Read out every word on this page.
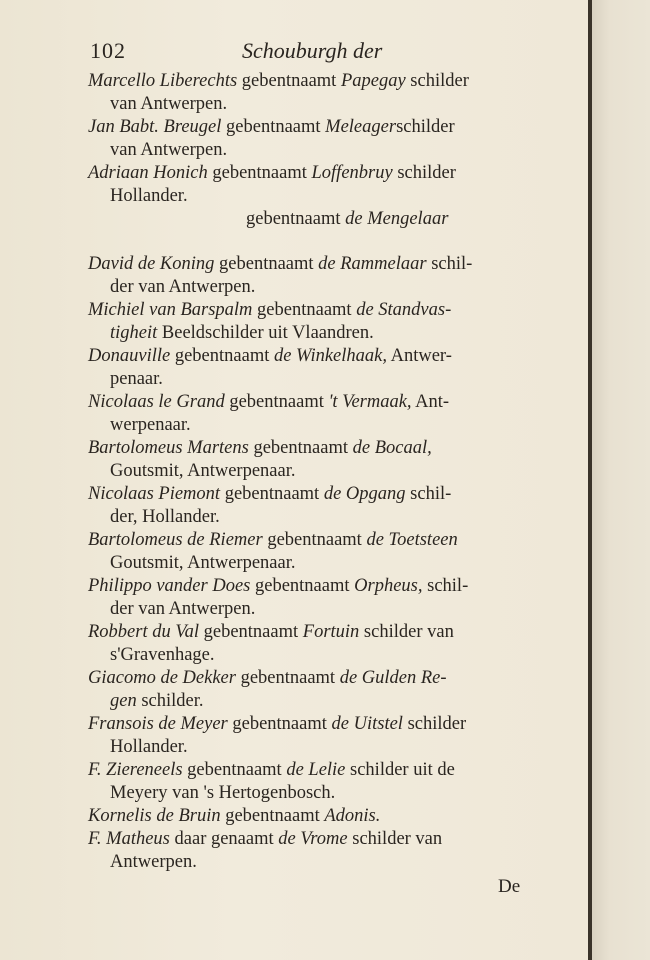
102	Schouburgh der
Marcello Liberechts gebentnaamt Papegay schilder
van Antwerpen.
Jan Babt. Breugel gebentnaamt Meleagerschilder
van Antwerpen.
Adriaan Honich gebentnaamt Loffenbruy schilder
Hollander.
gebentnaamt de Mengelaar
David de Koning gebentnaamt de Rammelaar schil-
der van Antwerpen.
Michiel van Barspalm gebentnaamt de Standvas-
tigheit Beeldschilder uit Vlaandren.
Donauville gebentnaamt de Winkelhaak, Antwer-
penaar.
Nicolaas le Grand gebentnaamt 't Vermaak, Ant-
werpenaar.
Bartolomeus Martens gebentnaamt de Bocaal,
Goutsmit, Antwerpenaar.
Nicolaas Piemont gebentnaamt de Opgang schil-
der, Hollander.
Bartolomeus de Riemer gebentnaamt de Toetsteen
Goutsmit, Antwerpenaar.
Philippo vander Does gebentnaamt Orpheus, schil-
der van Antwerpen.
Robbert du Val gebentnaamt Fortuin schilder van
s'Gravenhage.
Giacomo de Dekker gebentnaamt de Gulden Re-
gen schilder.
Fransois de Meyer gebentnaamt de Uitstel schilder
Hollander.
F. Ziereneels gebentnaamt de Lelie schilder uit de
Meyery van 's Hertogenbosch.
Kornelis de Bruin gebentnaamt Adonis.
F. Matheus daar genaamt de Vrome schilder van
Antwerpen.
De
